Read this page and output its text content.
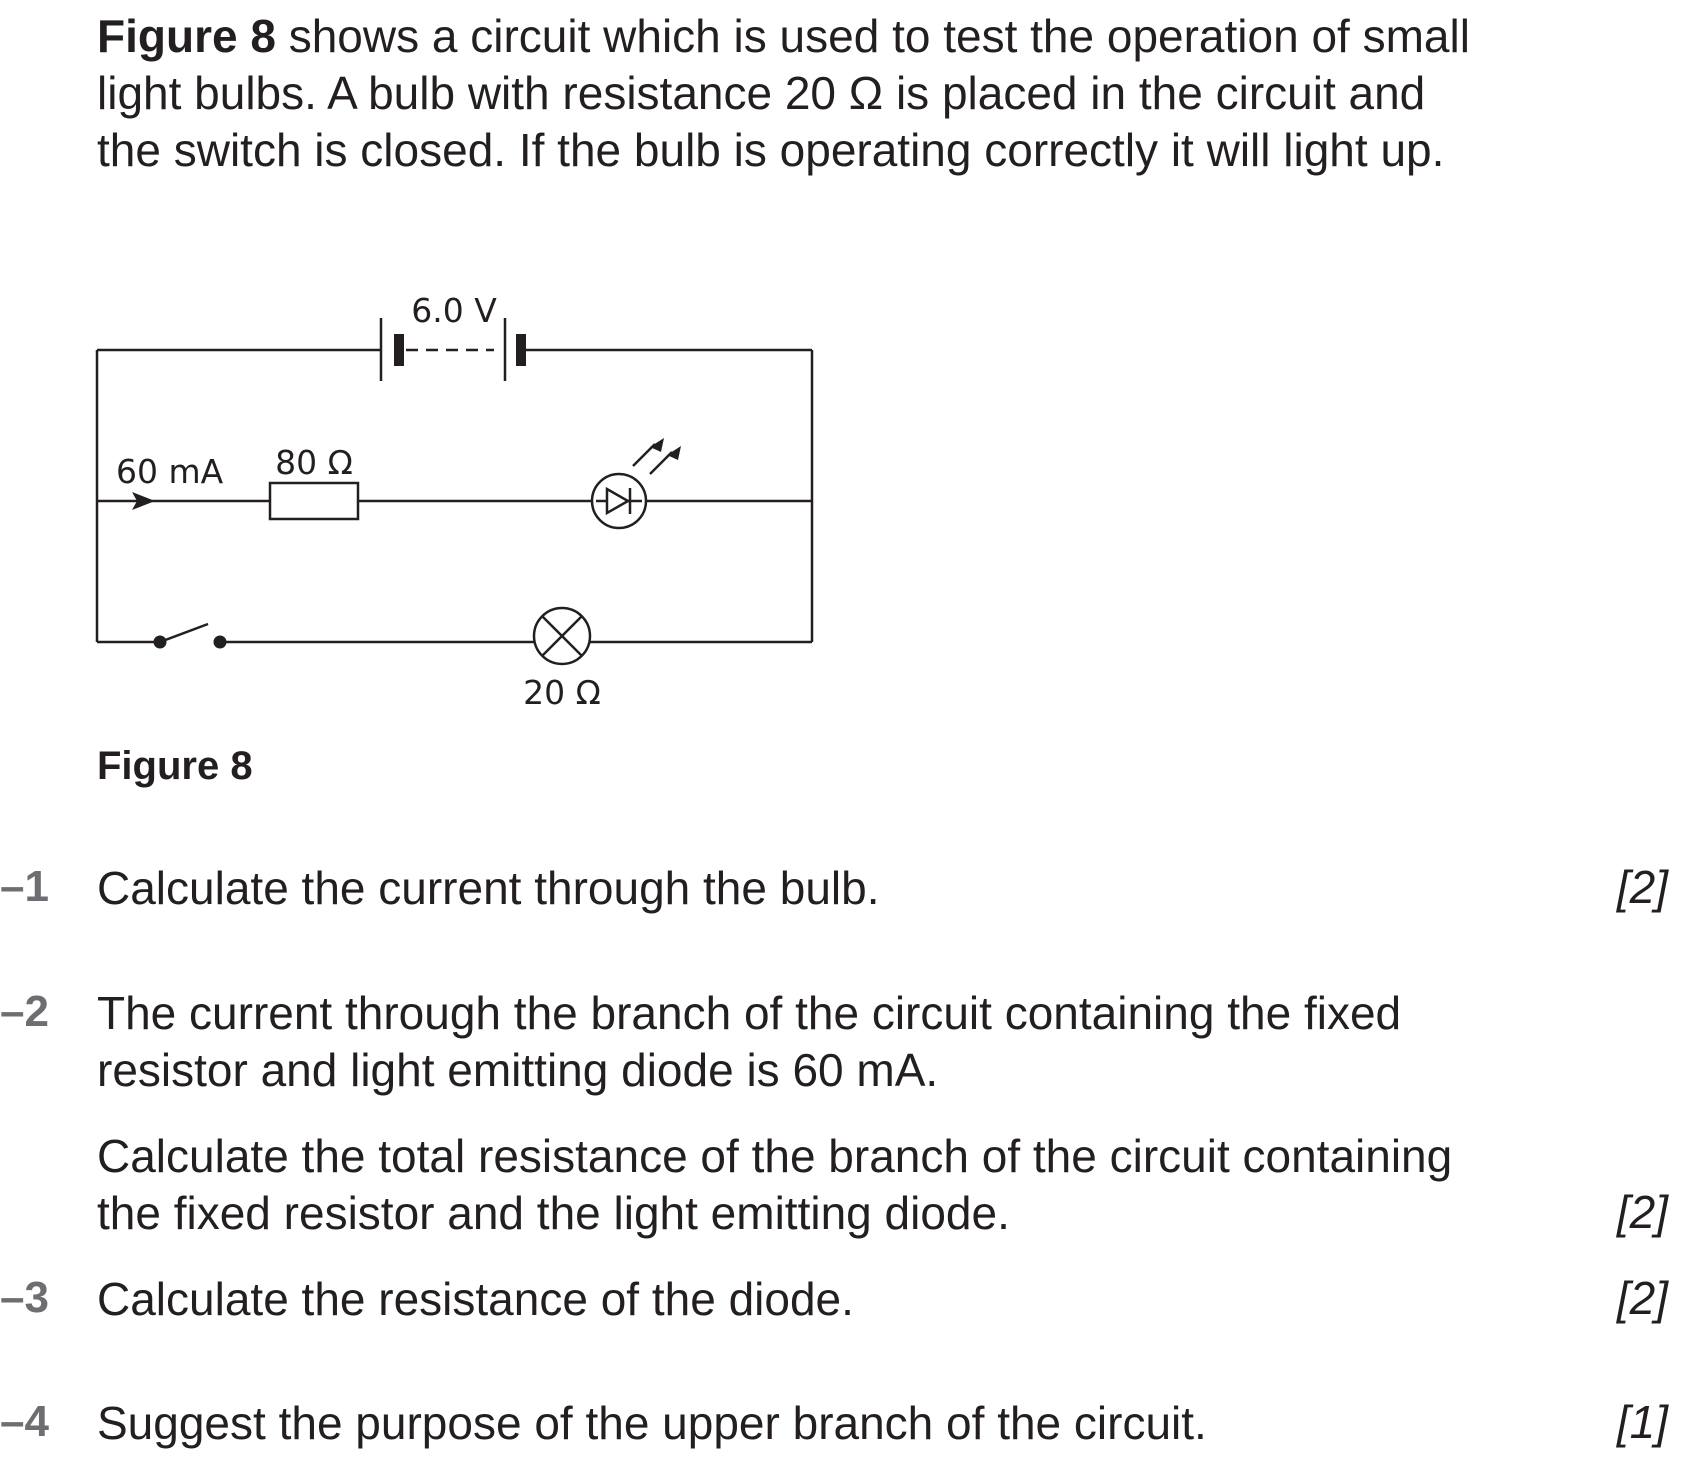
Figure 8 shows a circuit which is used to test the operation of small light bulbs. A bulb with resistance 20 Ω is placed in the circuit and the switch is closed. If the bulb is operating correctly it will light up.

6.0 V
60 mA 80 Ω
20 Ω

Figure 8

–1 Calculate the current through the bulb.	[2]
–2 The current through the branch of the circuit containing the fixed resistor and light emitting diode is 60 mA.

Calculate the total resistance of the branch of the circuit containing the fixed resistor and the light emitting diode.	[2]
–3 Calculate the resistance of the diode.	[2]
–4 Suggest the purpose of the upper branch of the circuit.	[1]
